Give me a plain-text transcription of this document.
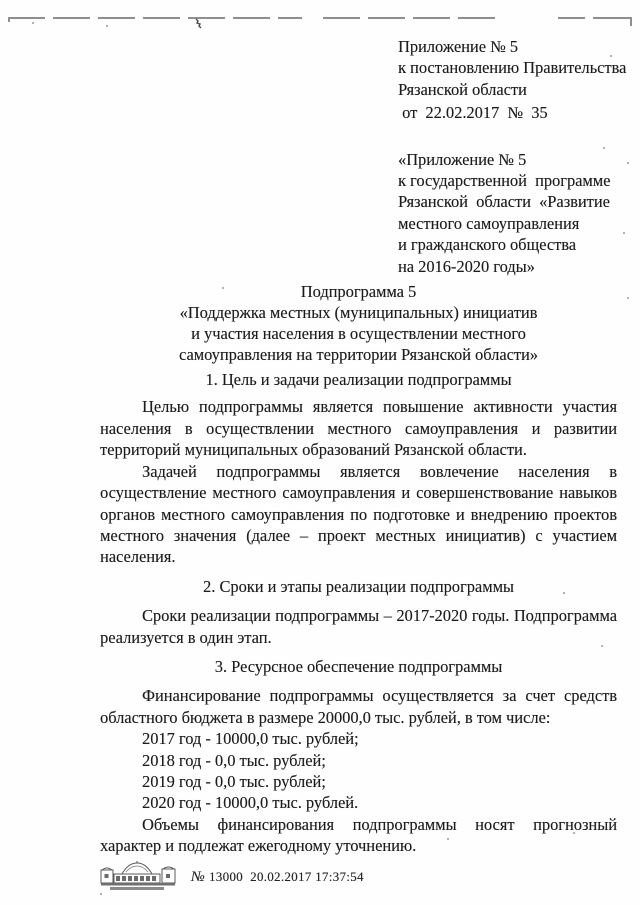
Приложение № 5
к постановлению Правительства
Рязанской области
от  22.02.2017  №  35
«Приложение № 5
к государственной  программе
Рязанской  области  «Развитие
местного самоуправления
и гражданского общества
на 2016-2020 годы»
Подпрограмма 5
«Поддержка местных (муниципальных) инициатив
и участия населения в осуществлении местного
самоуправления на территории Рязанской области»
1. Цель и задачи реализации подпрограммы
Целью подпрограммы является повышение активности участия населения в осуществлении местного самоуправления и развитии территорий муниципальных образований Рязанской области.
Задачей подпрограммы является вовлечение населения в осуществление местного самоуправления и совершенствование навыков органов местного самоуправления по подготовке и внедрению проектов местного значения (далее – проект местных инициатив) с участием населения.
2. Сроки и этапы реализации подпрограммы
Сроки реализации подпрограммы – 2017-2020 годы. Подпрограмма реализуется в один этап.
3. Ресурсное обеспечение подпрограммы
Финансирование подпрограммы осуществляется за счет средств областного бюджета в размере 20000,0 тыс. рублей, в том числе:
2017 год - 10000,0 тыс. рублей;
2018 год - 0,0 тыс. рублей;
2019 год - 0,0 тыс. рублей;
2020 год - 10000,0 тыс. рублей.
Объемы финансирования подпрограммы носят прогнозный характер и подлежат ежегодному уточнению.
№ 13000  20.02.2017 17:37:54
